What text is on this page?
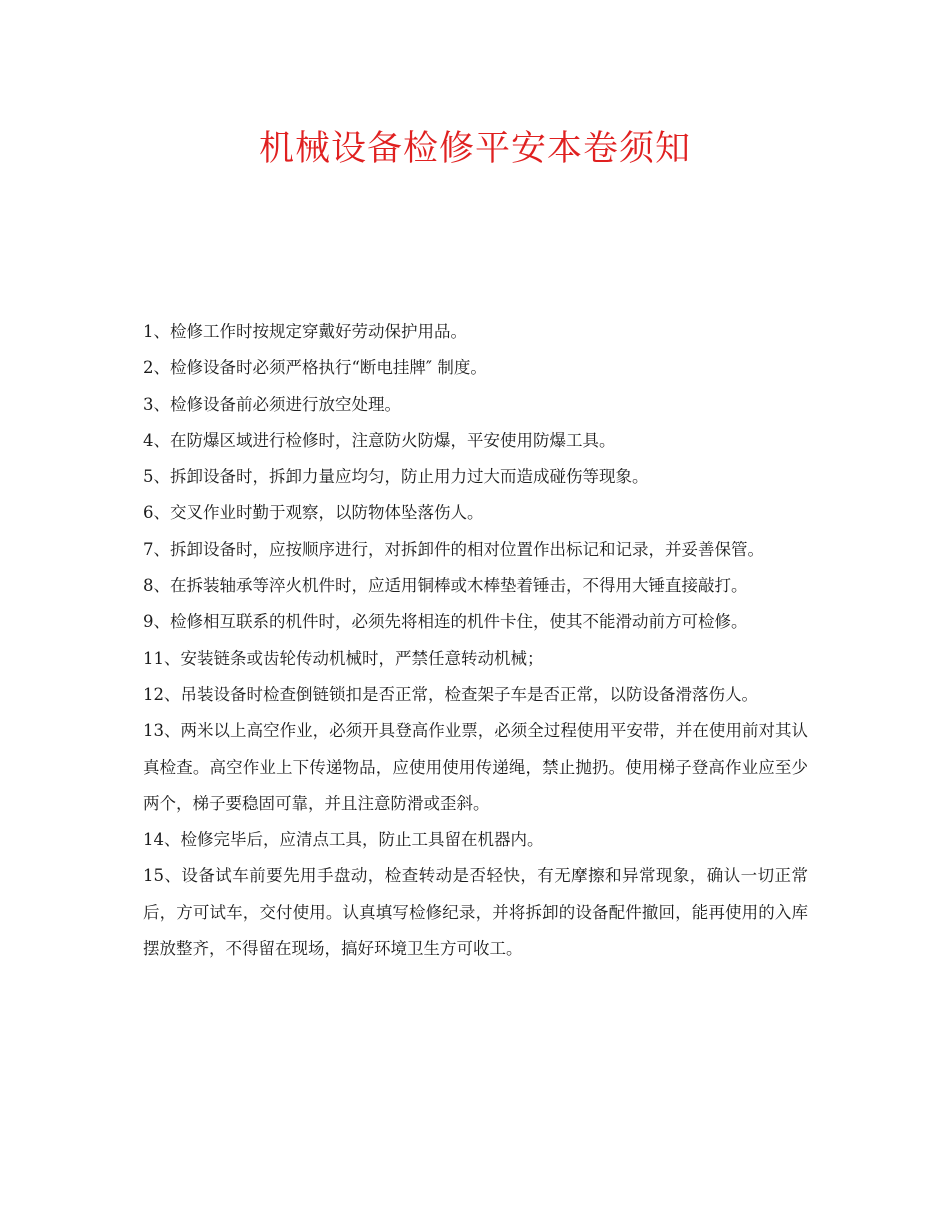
机械设备检修平安本卷须知
1、检修工作时按规定穿戴好劳动保护用品。
2、检修设备时必须严格执行“断电挂牌″ 制度。
3、检修设备前必须进行放空处理。
4、在防爆区域进行检修时，注意防火防爆，平安使用防爆工具。
5、拆卸设备时，拆卸力量应均匀，防止用力过大而造成碰伤等现象。
6、交叉作业时勤于观察，以防物体坠落伤人。
7、拆卸设备时，应按顺序进行，对拆卸件的相对位置作出标记和记录，并妥善保管。
8、在拆装轴承等淬火机件时，应适用铜棒或木棒垫着锤击，不得用大锤直接敲打。
9、检修相互联系的机件时，必须先将相连的机件卡住，使其不能滑动前方可检修。
11、安装链条或齿轮传动机械时，严禁任意转动机械；
12、吊装设备时检查倒链锁扣是否正常，检查架子车是否正常，以防设备滑落伤人。
13、两米以上高空作业，必须开具登高作业票，必须全过程使用平安带，并在使用前对其认真检查。高空作业上下传递物品，应使用使用传递绳，禁止抛扔。使用梯子登高作业应至少两个，梯子要稳固可靠，并且注意防滑或歪斜。
14、检修完毕后，应清点工具，防止工具留在机器内。
15、设备试车前要先用手盘动，检查转动是否轻快，有无摩擦和异常现象，确认一切正常后，方可试车，交付使用。认真填写检修纪录，并将拆卸的设备配件撤回，能再使用的入库摆放整齐，不得留在现场，搞好环境卫生方可收工。
